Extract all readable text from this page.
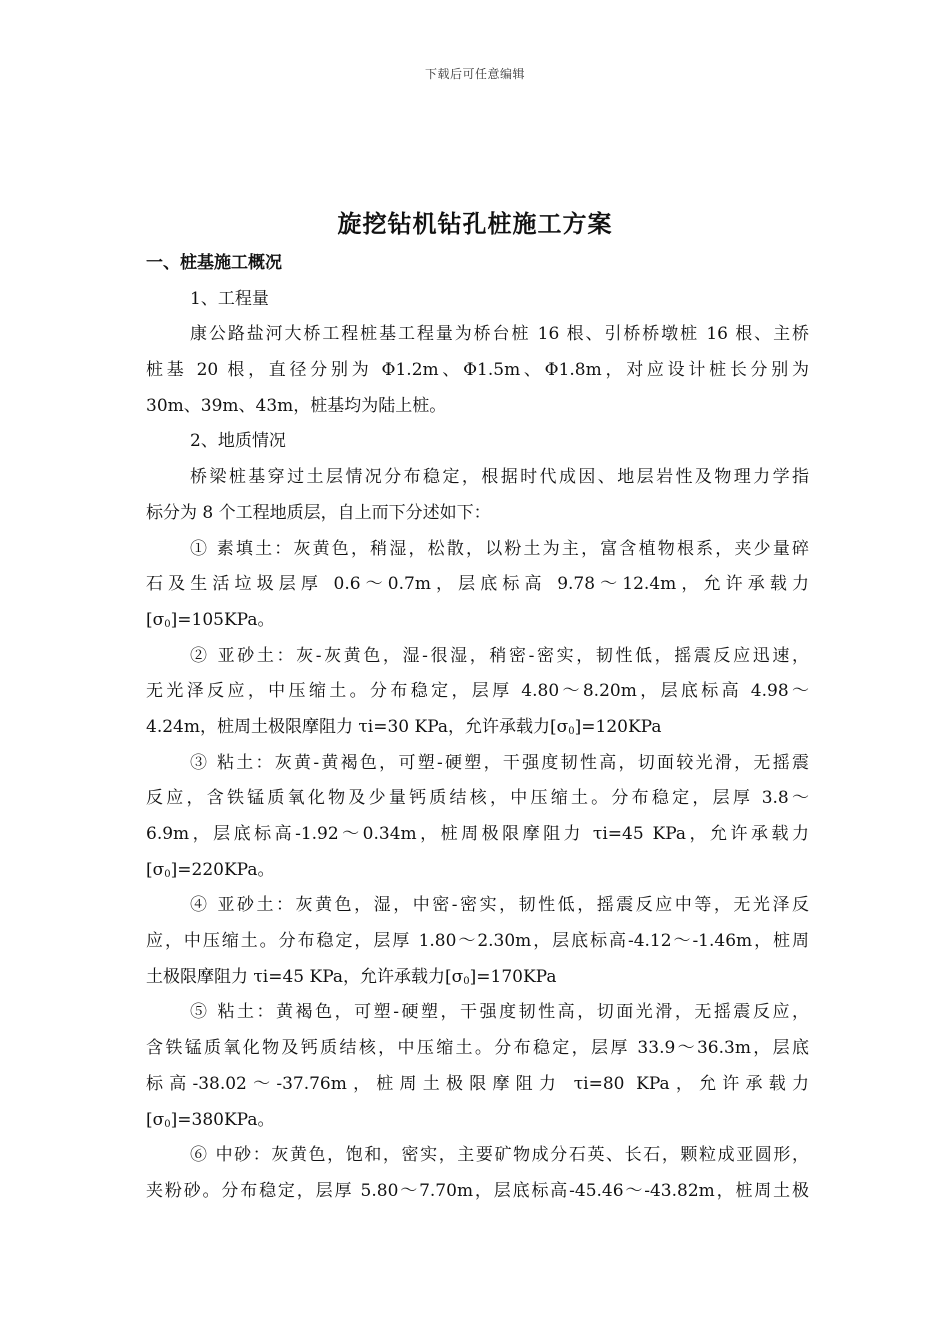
下载后可任意编辑
旋挖钻机钻孔桩施工方案
一、桩基施工概况
1、工程量
康公路盐河大桥工程桩基工程量为桥台桩 16 根、引桥桥墩桩 16 根、主桥
桩基 20 根，直径分别为 Φ1.2m、Φ1.5m、Φ1.8m，对应设计桩长分别为
30m、39m、43m，桩基均为陆上桩。
2、地质情况
桥梁桩基穿过土层情况分布稳定，根据时代成因、地层岩性及物理力学指
标分为 8 个工程地质层，自上而下分述如下：
① 素填土：灰黄色，稍湿，松散，以粉土为主，富含植物根系，夹少量碎
石及生活垃圾层厚 0.6～0.7m，层底标高 9.78～12.4m，允许承载力
$[\sigma_0]=105KPa$。
② 亚砂土：灰-灰黄色，湿-很湿，稍密-密实，韧性低，摇震反应迅速，
无光泽反应，中压缩土。分布稳定，层厚 4.80～8.20m，层底标高 4.98～
4.24m，桩周土极限摩阻力 τi=30 KPa，允许承载力$[\sigma_0]=120KPa$
③ 粘土：灰黄-黄褐色，可塑-硬塑，干强度韧性高，切面较光滑，无摇震
反应，含铁锰质氧化物及少量钙质结核，中压缩土。分布稳定，层厚 3.8～
6.9m，层底标高-1.92～0.34m，桩周极限摩阻力 τi=45 KPa，允许承载力
$[\sigma_0]=220KPa$。
④ 亚砂土：灰黄色，湿，中密-密实，韧性低，摇震反应中等，无光泽反
应，中压缩土。分布稳定，层厚 1.80～2.30m，层底标高-4.12～-1.46m，桩周
土极限摩阻力 τi=45 KPa，允许承载力$[\sigma_0]=170KPa$
⑤ 粘土：黄褐色，可塑-硬塑，干强度韧性高，切面光滑，无摇震反应，
含铁锰质氧化物及钙质结核，中压缩土。分布稳定，层厚 33.9～36.3m，层底
标高-38.02～-37.76m，桩周土极限摩阻力 τi=80 KPa，允许承载力
$[\sigma_0]=380KPa$。
⑥ 中砂：灰黄色，饱和，密实，主要矿物成分石英、长石，颗粒成亚圆形，
夹粉砂。分布稳定，层厚 5.80～7.70m，层底标高-45.46～-43.82m，桩周土极
